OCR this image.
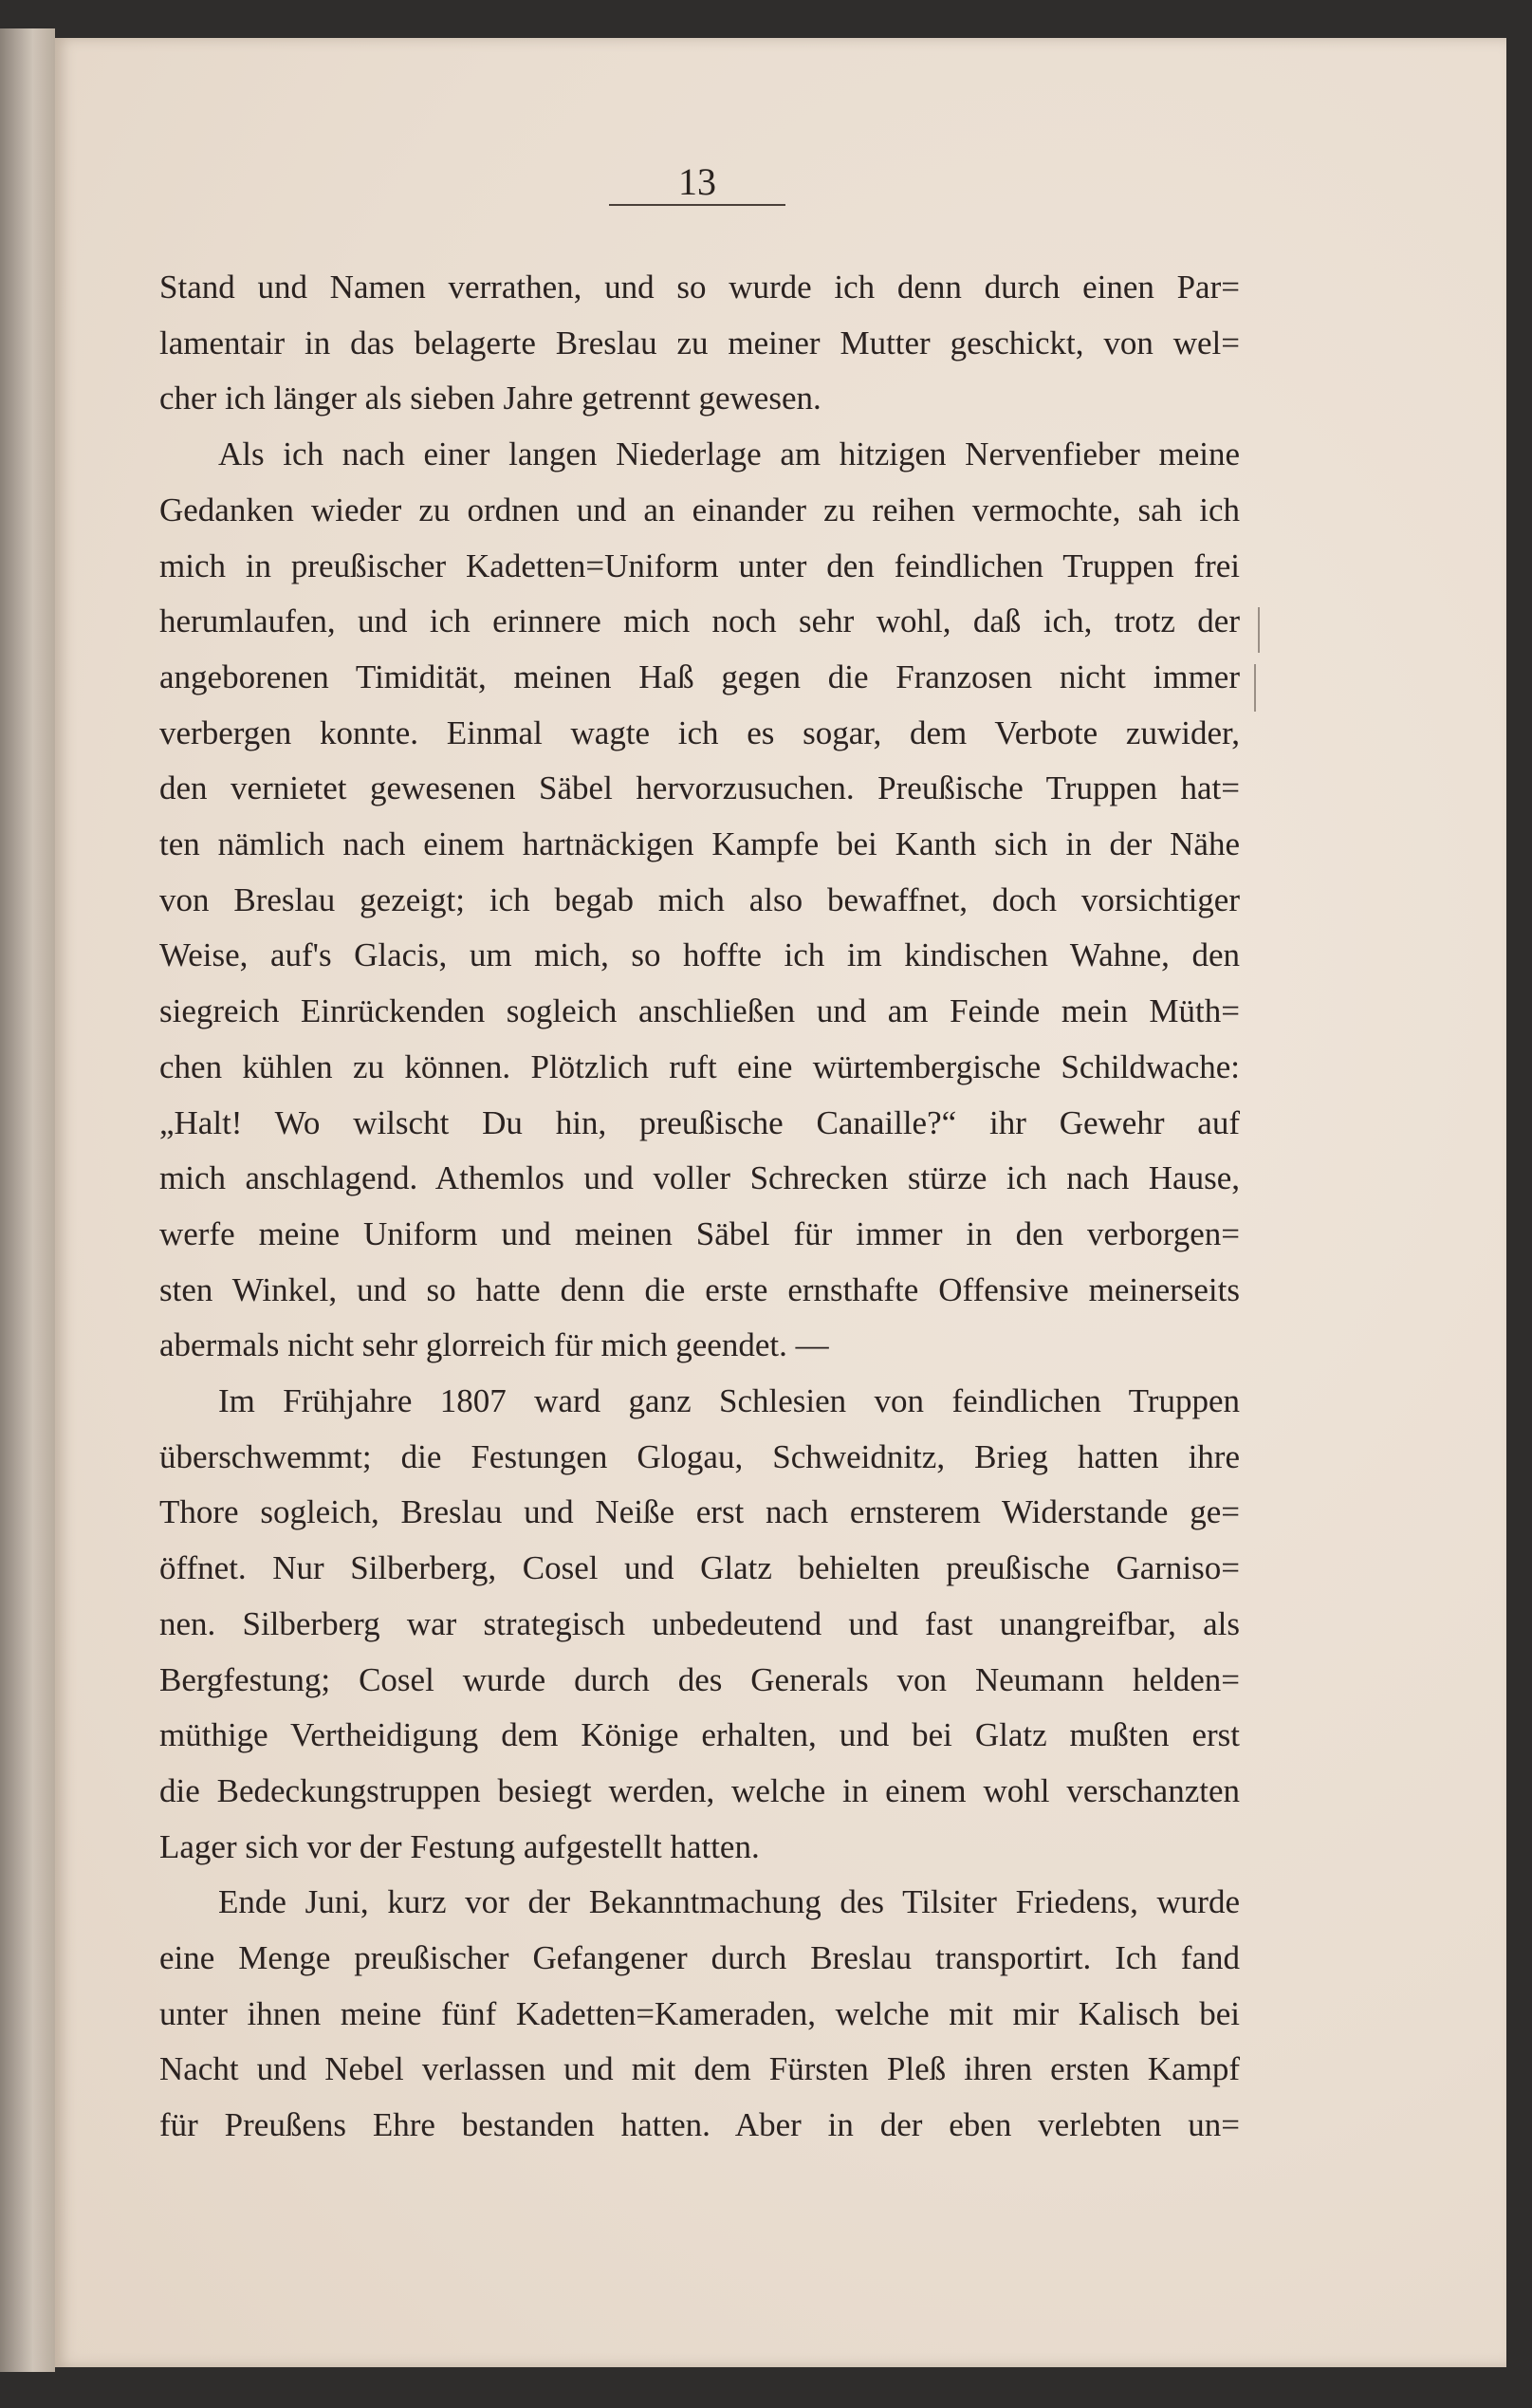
13
Stand und Namen verrathen, und so wurde ich denn durch einen Par=
lamentair in das belagerte Breslau zu meiner Mutter geschickt, von wel=
cher ich länger als sieben Jahre getrennt gewesen.
Als ich nach einer langen Niederlage am hitzigen Nervenfieber meine
Gedanken wieder zu ordnen und an einander zu reihen vermochte, sah ich
mich in preußischer Kadetten=Uniform unter den feindlichen Truppen frei
herumlaufen, und ich erinnere mich noch sehr wohl, daß ich, trotz der
angeborenen Timidität, meinen Haß gegen die Franzosen nicht immer
verbergen konnte. Einmal wagte ich es sogar, dem Verbote zuwider,
den vernietet gewesenen Säbel hervorzusuchen. Preußische Truppen hat=
ten nämlich nach einem hartnäckigen Kampfe bei Kanth sich in der Nähe
von Breslau gezeigt; ich begab mich also bewaffnet, doch vorsichtiger
Weise, auf's Glacis, um mich, so hoffte ich im kindischen Wahne, den
siegreich Einrückenden sogleich anschließen und am Feinde mein Müth=
chen kühlen zu können. Plötzlich ruft eine würtembergische Schildwache:
„Halt! Wo wilscht Du hin, preußische Canaille?“ ihr Gewehr auf
mich anschlagend. Athemlos und voller Schrecken stürze ich nach Hause,
werfe meine Uniform und meinen Säbel für immer in den verborgen=
sten Winkel, und so hatte denn die erste ernsthafte Offensive meinerseits
abermals nicht sehr glorreich für mich geendet. —
Im Frühjahre 1807 ward ganz Schlesien von feindlichen Truppen
überschwemmt; die Festungen Glogau, Schweidnitz, Brieg hatten ihre
Thore sogleich, Breslau und Neiße erst nach ernsterem Widerstande ge=
öffnet. Nur Silberberg, Cosel und Glatz behielten preußische Garniso=
nen. Silberberg war strategisch unbedeutend und fast unangreifbar, als
Bergfestung; Cosel wurde durch des Generals von Neumann helden=
müthige Vertheidigung dem Könige erhalten, und bei Glatz mußten erst
die Bedeckungstruppen besiegt werden, welche in einem wohl verschanzten
Lager sich vor der Festung aufgestellt hatten.
Ende Juni, kurz vor der Bekanntmachung des Tilsiter Friedens, wurde
eine Menge preußischer Gefangener durch Breslau transportirt. Ich fand
unter ihnen meine fünf Kadetten=Kameraden, welche mit mir Kalisch bei
Nacht und Nebel verlassen und mit dem Fürsten Pleß ihren ersten Kampf
für Preußens Ehre bestanden hatten. Aber in der eben verlebten un=
